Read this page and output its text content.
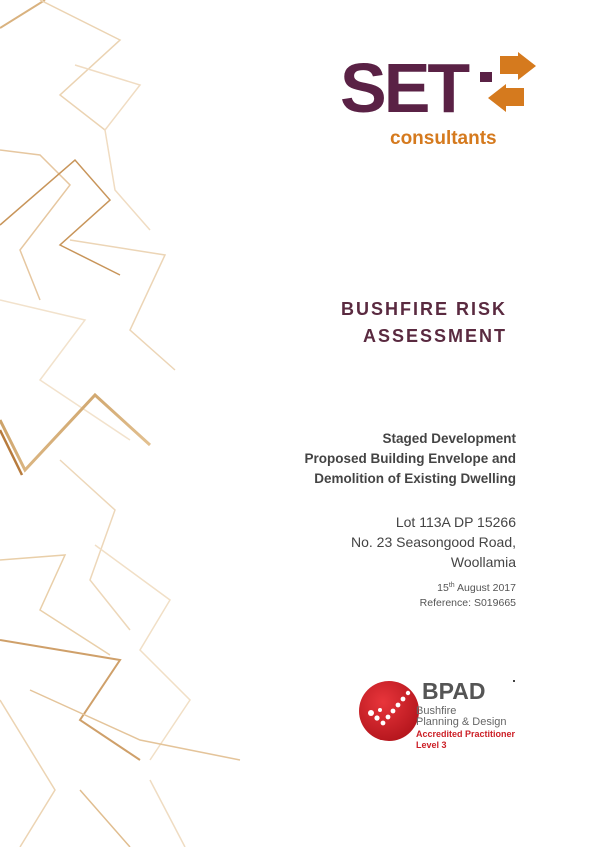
SET
consultants
BUSHFIRE RISK
ASSESSMENT
Staged Development
Proposed Building Envelope and
Demolition of Existing Dwelling
Lot 113A DP 15266
No. 23 Seasongood Road,
Woollamia
15th August 2017
Reference: S019665
BPAD
Bushfire
Planning & Design
Accredited Practitioner
Level 3
